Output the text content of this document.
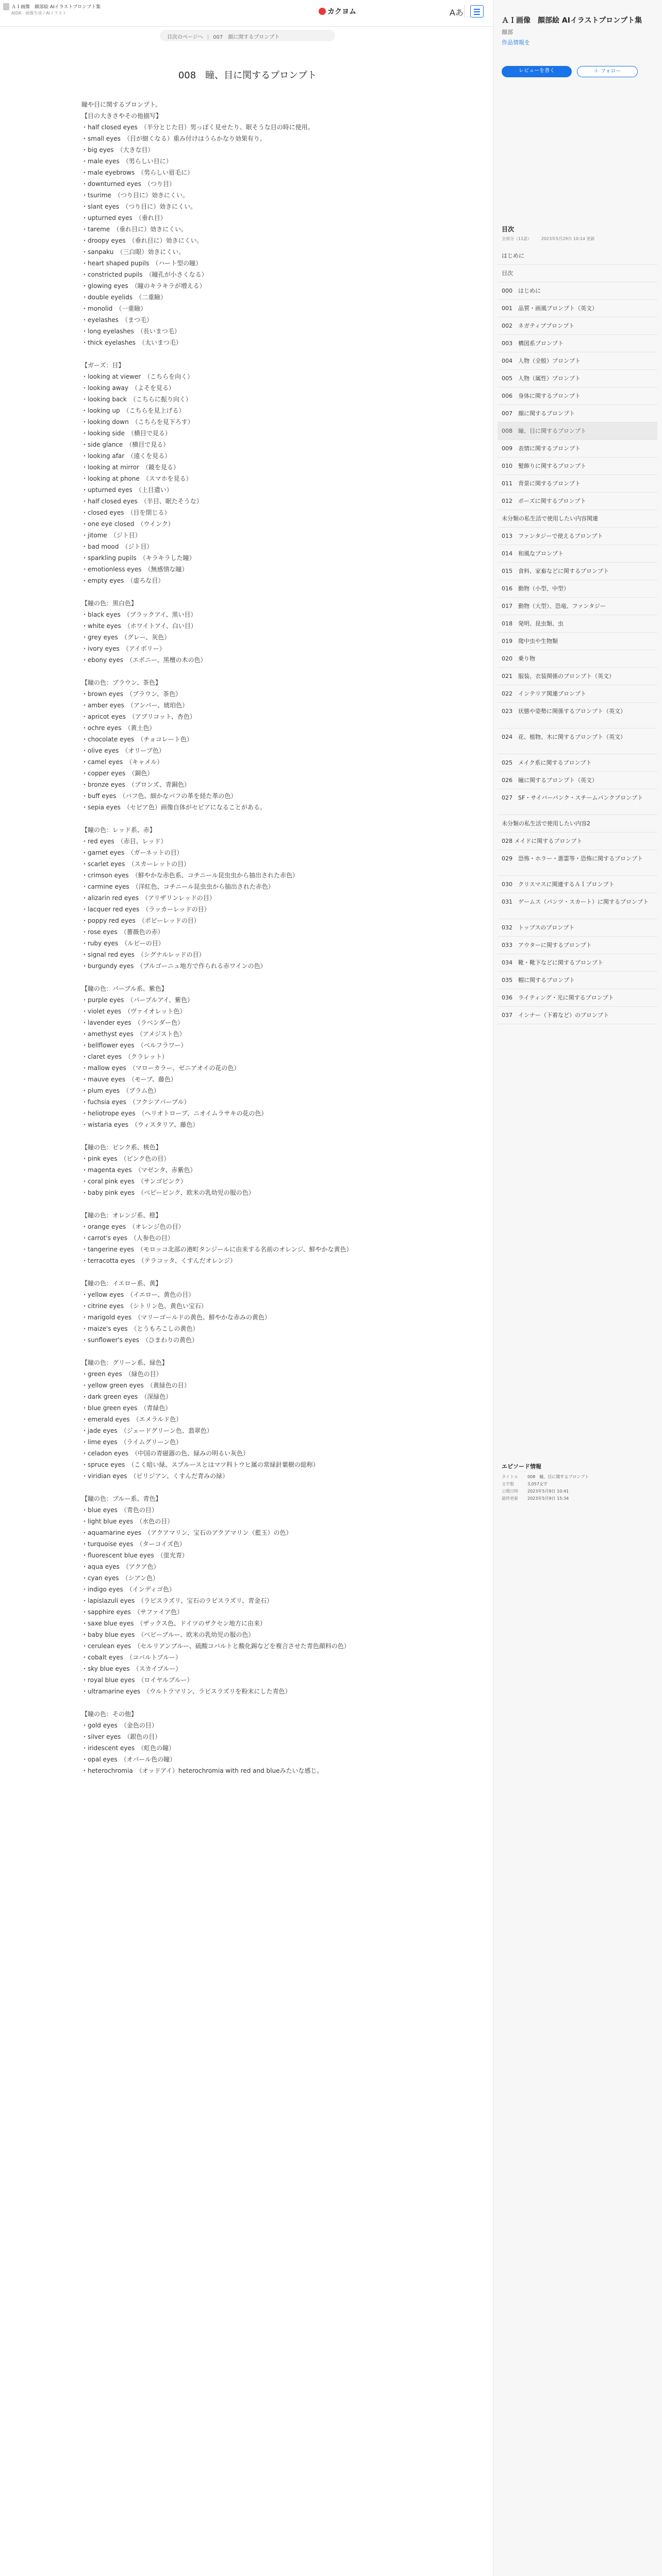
ＡＩ画像　顔部絵 AIイラストプロンプト集
AIDA　画像生成 / AIイラスト	カクヨム	Aあ
目次のページへ | 007　顔に関するプロンプト
008　瞳、目に関するプロンプト
瞳や目に関するプロンプト。
【目の大きさやその他描写】
・half closed eyes　（半分とじた目）男っぽく見せたり、眠そうな目の時に使用。
・small eyes　（目が細くなる）重み付けはうらかなり効果有り。
・big eyes　（大きな目）
・male eyes　（男らしい目に）
・male eyebrows　（男らしい眉毛に）
・downturned eyes　（つり目）
・tsurime　（つり目に）効きにくい。
・slant eyes　（つり目に）効きにくい。
・upturned eyes　（垂れ目）
・tareme　（垂れ目に）効きにくい。
・droopy eyes　（垂れ目に）効きにくい。
・sanpaku　（三白眼）効きにくい。
・heart shaped pupils　（ハート型の瞳）
・constricted pupils　（瞳孔が小さくなる）
・glowing eyes　（瞳のキラキラが増える）
・double eyelids　（二重瞼）
・monolid　（一重瞼）
・eyelashes　（まつ毛）
・long eyelashes　（長いまつ毛）
・thick eyelashes　（太いまつ毛）
【ガーズ：目】
・looking at viewer　（こちらを向く）
・looking away　（よそを見る）
・looking back　（こちらに振り向く）
・looking up　（こちらを見上げる）
・looking down　（こちらを見下ろす）
・looking side　（横目で見る）
・side glance　（横目で見る）
・looking afar　（遠くを見る）
・looking at mirror　（鏡を見る）
・looking at phone　（スマホを見る）
・upturned eyes　（上目遣い）
・half closed eyes　（半目、眠たそうな）
・closed eyes　（目を閉じる）
・one eye closed　（ウインク）
・jitome　（ジト目）
・bad mood　（ジト目）
・sparkling pupils　（キラキラした瞳）
・emotionless eyes　（無感情な瞳）
・empty eyes　（虚ろな目）
【瞳の色：黒白色】
・black eyes　（ブラックアイ、黒い目）
・white eyes　（ホワイトアイ、白い目）
・grey eyes　（グレー、灰色）
・ivory eyes　（アイボリー）
・ebony eyes　（エボニー、黒檀の木の色）
【瞳の色：ブラウン、茶色】
・brown eyes　（ブラウン、茶色）
・amber eyes　（アンバー、琥珀色）
・apricot eyes　（アプリコット、杏色）
・ochre eyes　（黄土色）
・chocolate eyes　（チョコレート色）
・olive eyes　（オリーブ色）
・camel eyes　（キャメル）
・copper eyes　（銅色）
・bronze eyes　（ブロンズ、青銅色）
・buff eyes　（バフ色、細かなバフの革を経た革の色）
・sepia eyes　（セピア色）画像自体がセピアになることがある。
【瞳の色：レッド系、赤】
・red eyes　（赤目、レッド）
・garnet eyes　（ガーネットの目）
・scarlet eyes　（スカーレットの目）
・crimson eyes　（鮮やかな赤色系、コチニール昆虫虫から抽出された赤色）
・carmine eyes　（洋紅色、コチニール昆虫虫から抽出された赤色）
・alizarin red eyes　（アリザリンレッドの目）
・lacquer red eyes　（ラッカーレッドの目）
・poppy red eyes　（ポピーレッドの目）
・rose eyes　（薔薇色の赤）
・ruby eyes　（ルビーの目）
・signal red eyes　（シグナルレッドの目）
・burgundy eyes　（ブルゴーニュ地方で作られる赤ワインの色）
【瞳の色：パープル系、紫色】
・purple eyes　（パープルアイ、紫色）
・violet eyes　（ヴァイオレット色）
・lavender eyes　（ラベンダー色）
・amethyst eyes　（アメジスト色）
・bellflower eyes　（ベルフラワー）
・claret eyes　（クラレット）
・mallow eyes　（マローカラー、ゼニアオイの花の色）
・mauve eyes　（モーブ、藤色）
・plum eyes　（プラム色）
・fuchsia eyes　（フクシアパープル）
・heliotrope eyes　（ヘリオトロープ、ニオイムラサキの花の色）
・wistaria eyes　（ウィスタリア、藤色）
【瞳の色：ピンク系、桃色】
・pink eyes　（ピンク色の目）
・magenta eyes　（マゼンタ、赤紫色）
・coral pink eyes　（サンゴピンク）
・baby pink eyes　（ベビーピンク、欧米の乳幼児の服の色）
【瞳の色：オレンジ系、橙】
・orange eyes　（オレンジ色の目）
・carrot's eyes　（人参色の目）
・tangerine eyes　（モロッコ北部の港町タンジールに由来する名前のオレンジ、鮮やかな黄色）
・terracotta eyes　（テラコッタ、くすんだオレンジ）
【瞳の色：イエロー系、黄】
・yellow eyes　（イエロー、黄色の目）
・citrine eyes　（シトリン色、黄色い宝石）
・marigold eyes　（マリーゴールドの黄色、鮮やかな赤みの黄色）
・maize's eyes　（とうもろこしの黄色）
・sunflower's eyes　（ひまわりの黄色）
【瞳の色：グリーン系、緑色】
・green eyes　（緑色の目）
・yellow green eyes　（黄緑色の目）
・dark green eyes　（深緑色）
・blue green eyes　（青緑色）
・emerald eyes　（エメラルド色）
・jade eyes　（ジェードグリーン色、翡翠色）
・lime eyes　（ライムグリーン色）
・celadon eyes　（中国の青磁器の色、緑みの明るい灰色）
・spruce eyes　（こく暗い緑、スプルースとはマツ科トウヒ属の常緑針葉樹の総称）
・viridian eyes　（ビリジアン、くすんだ青みの緑）
【瞳の色：ブルー系、青色】
・blue eyes　（青色の目）
・light blue eyes　（水色の目）
・aquamarine eyes　（アクアマリン、宝石のアクアマリン（藍玉）の色）
・turquoise eyes　（ターコイズ色）
・fluorescent blue eyes　（蛍光青）
・aqua eyes　（アクア色）
・cyan eyes　（シアン色）
・indigo eyes　（インディゴ色）
・lapislazuli eyes　（ラピスラズリ、宝石のラピスラズリ、青金石）
・sapphire eyes　（サファイア色）
・saxe blue eyes　（ザックス色、ドイツのザクセン地方に由来）
・baby blue eyes　（ベビーブルー、欧米の乳幼児の服の色）
・cerulean eyes　（セルリアンブルー、硫酸コバルトと酸化錫などを複合させた青色顔料の色）
・cobalt eyes　（コバルトブルー）
・sky blue eyes　（スカイブルー）
・royal blue eyes　（ロイヤルブルー）
・ultramarine eyes　（ウルトラマリン、ラピスラズリを粉末にした青色）
【瞳の色：その他】
・gold eyes　（金色の目）
・silver eyes　（銀色の目）
・iridescent eyes　（虹色の瞳）
・opal eyes　（オパール色の瞳）
・heterochromia　（オッドアイ）heterochromia with red and blueみたいな感じ。
ＡＩ画像　顔部絵 AIイラストプロンプト集
顔部
作品情報を
レビューを書く	＋ フォロー
目次
全部分（11話） 2023年5月29日 10:14 更新
はじめに
目次
000　はじめに
001　品質・画風プロンプト（英文）
002　ネガティブプロンプト
003　構図系プロンプト
004　人物（全般）プロンプト
005　人物（属性）プロンプト
006　身体に関するプロンプト
007　顔に関するプロンプト
008　瞳、目に関するプロンプト
009　表情に関するプロンプト
010　髪飾りに関するプロンプト
011　背景に関するプロンプト
012　ポーズに関するプロンプト
未分類の私生活で使用したい内容関連
013　ファンタジーで使えるプロンプト
014　和風なプロンプト
015　食料、家畜などに関するプロンプト
016　動物（小型、中型）
017　動物（大型）、恐竜、ファンタジー
018　発明、昆虫類、虫
019　爬中虫や生物類
020　乗り物
021　服装、衣装関係のプロンプト（英文）
022　インテリア関連プロンプト
023　状態や姿勢に関係するプロンプト（英文）
024　花、植物、木に関するプロンプト（英文）
025　メイク系に関するプロンプト
026　瞳に関するプロンプト（英文）
027　SF・サイバーパンク・スチームパンクプロンプト
未分類の私生活で使用したい内容2
028 メイドに関するプロンプト
029　恐怖・ホラー・悪霊等・恐怖に関するプロンプト
030　クリスマスに関連するＡＩプロンプト
031　ゲームス（パンツ・スカート）に関するプロンプト
032　トップスのプロンプト
033　アウターに関するプロンプト
034　靴・靴下などに関するプロンプト
035　帽に関するプロンプト
036　ライティング・光に関するプロンプト
037　インナー（下着など）のプロンプト
エピソード情報
タイトル 008　瞳、目に関するプロンプト
文字数	3,057文字
公開日時 2023年5月9日 10:41
最終更新 2023年5月9日 15:34
